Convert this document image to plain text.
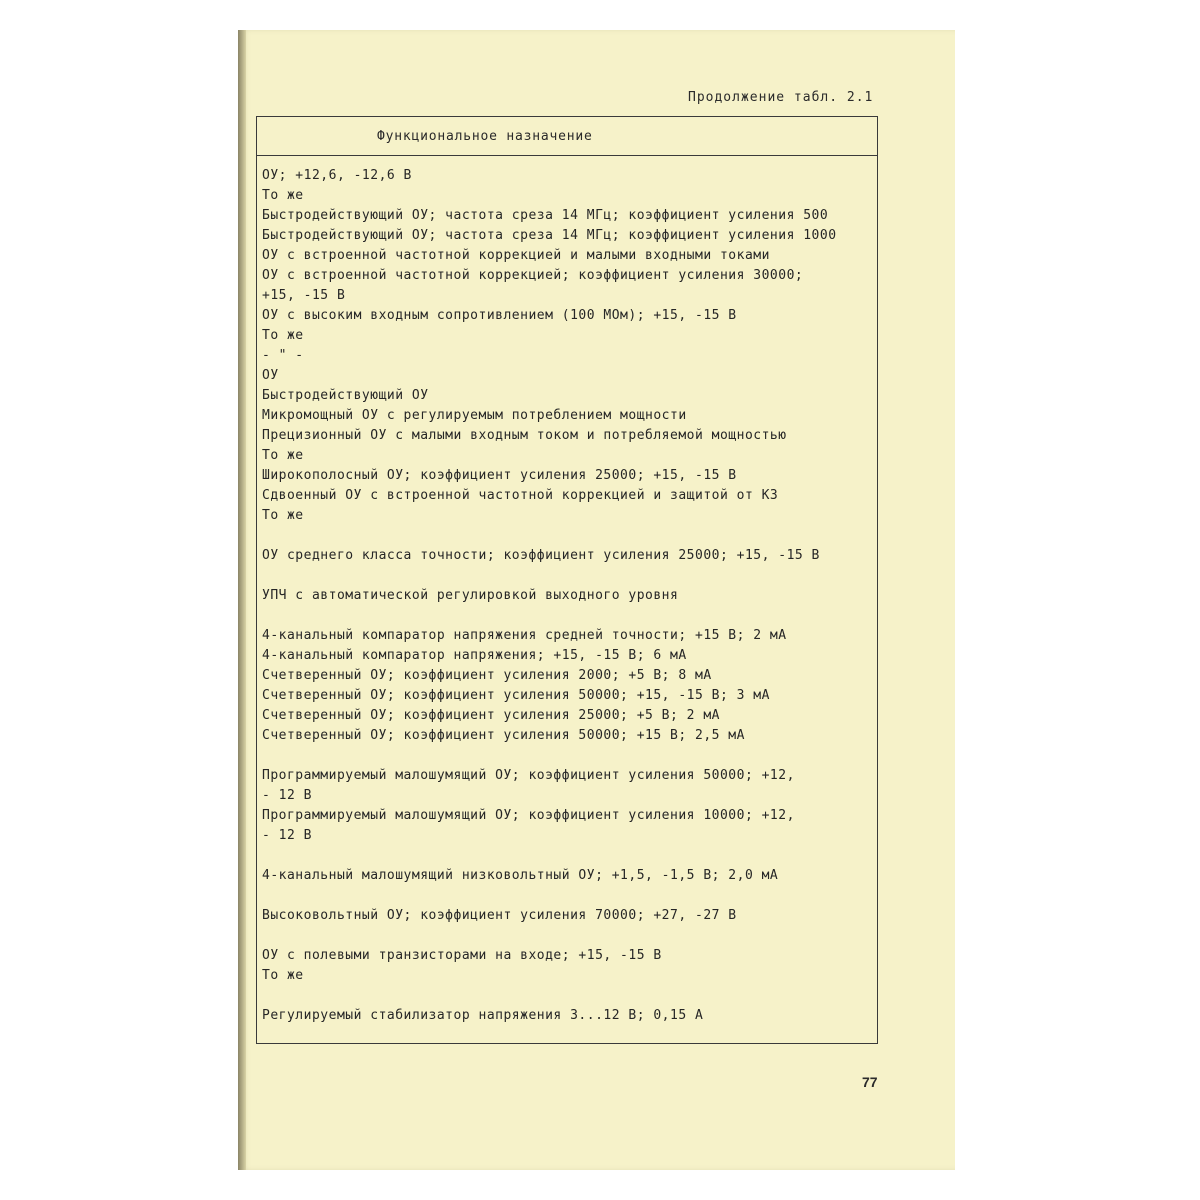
Продолжение табл. 2.1
Функциональное назначение
ОУ; +12,6, -12,6 В
То же
Быстродействующий ОУ; частота среза 14 МГц; коэффициент усиления 500
Быстродействующий ОУ; частота среза 14 МГц; коэффициент усиления 1000
ОУ с встроенной частотной коррекцией и малыми входными токами
ОУ с встроенной частотной коррекцией; коэффициент усиления 30000;
+15, -15 В
ОУ с высоким входным сопротивлением (100 МОм); +15, -15 В
То же
- " -
ОУ
Быстродействующий ОУ
Микромощный ОУ с регулируемым потреблением мощности
Прецизионный ОУ с малыми входным током и потребляемой мощностью
То же
Широкополосный ОУ; коэффициент усиления 25000; +15, -15 В
Сдвоенный ОУ с встроенной частотной коррекцией и защитой от КЗ
То же
ОУ среднего класса точности; коэффициент усиления 25000; +15, -15 В
УПЧ с автоматической регулировкой выходного уровня
4-канальный компаратор напряжения средней точности; +15 В; 2 мА
4-канальный компаратор напряжения; +15, -15 В; 6 мА
Счетверенный ОУ; коэффициент усиления 2000; +5 В; 8 мА
Счетверенный ОУ; коэффициент усиления 50000; +15, -15 В; 3 мА
Счетверенный ОУ; коэффициент усиления 25000; +5 В; 2 мА
Счетверенный ОУ; коэффициент усиления 50000; +15 В; 2,5 мА
Программируемый малошумящий ОУ; коэффициент усиления 50000; +12,
- 12 В
Программируемый малошумящий ОУ; коэффициент усиления 10000; +12,
- 12 В
4-канальный малошумящий низковольтный ОУ; +1,5, -1,5 В; 2,0 мА
Высоковольтный ОУ; коэффициент усиления 70000; +27, -27 В
ОУ с полевыми транзисторами на входе; +15, -15 В
То же
Регулируемый стабилизатор напряжения 3...12 В; 0,15 А
77
